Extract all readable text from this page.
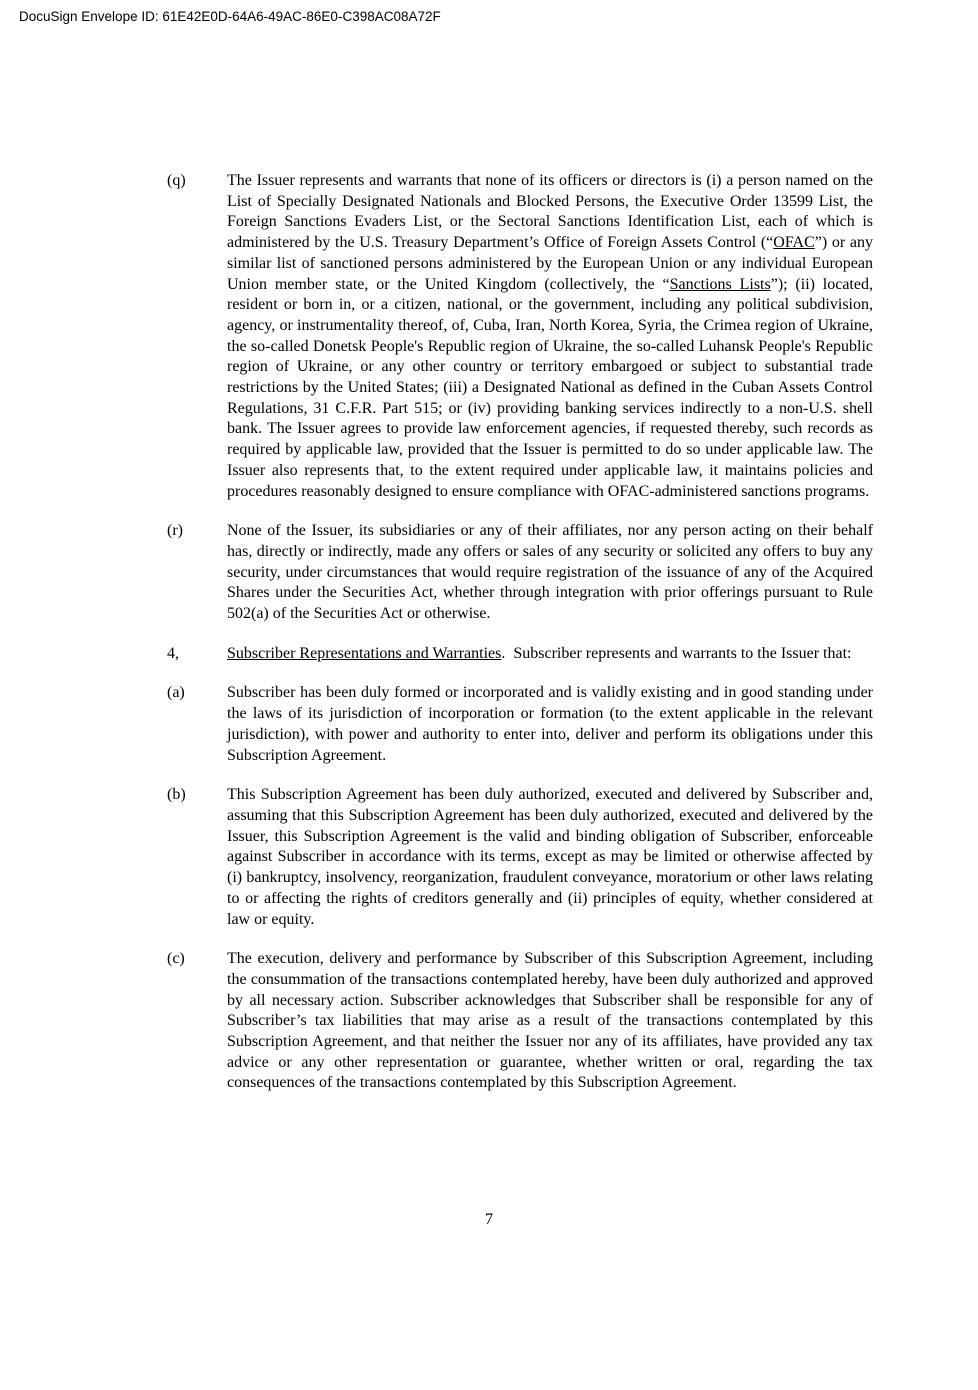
DocuSign Envelope ID: 61E42E0D-64A6-49AC-86E0-C398AC08A72F
(q)	The Issuer represents and warrants that none of its officers or directors is (i) a person named on the List of Specially Designated Nationals and Blocked Persons, the Executive Order 13599 List, the Foreign Sanctions Evaders List, or the Sectoral Sanctions Identification List, each of which is administered by the U.S. Treasury Department’s Office of Foreign Assets Control (“OFAC”) or any similar list of sanctioned persons administered by the European Union or any individual European Union member state, or the United Kingdom (collectively, the “Sanctions Lists”); (ii) located, resident or born in, or a citizen, national, or the government, including any political subdivision, agency, or instrumentality thereof, of, Cuba, Iran, North Korea, Syria, the Crimea region of Ukraine, the so-called Donetsk People's Republic region of Ukraine, the so-called Luhansk People's Republic region of Ukraine, or any other country or territory embargoed or subject to substantial trade restrictions by the United States; (iii) a Designated National as defined in the Cuban Assets Control Regulations, 31 C.F.R. Part 515; or (iv) providing banking services indirectly to a non-U.S. shell bank. The Issuer agrees to provide law enforcement agencies, if requested thereby, such records as required by applicable law, provided that the Issuer is permitted to do so under applicable law. The Issuer also represents that, to the extent required under applicable law, it maintains policies and procedures reasonably designed to ensure compliance with OFAC-administered sanctions programs.
(r)	None of the Issuer, its subsidiaries or any of their affiliates, nor any person acting on their behalf has, directly or indirectly, made any offers or sales of any security or solicited any offers to buy any security, under circumstances that would require registration of the issuance of any of the Acquired Shares under the Securities Act, whether through integration with prior offerings pursuant to Rule 502(a) of the Securities Act or otherwise.
4,	Subscriber Representations and Warranties.  Subscriber represents and warrants to the Issuer that:
(a)	Subscriber has been duly formed or incorporated and is validly existing and in good standing under the laws of its jurisdiction of incorporation or formation (to the extent applicable in the relevant jurisdiction), with power and authority to enter into, deliver and perform its obligations under this Subscription Agreement.
(b)	This Subscription Agreement has been duly authorized, executed and delivered by Subscriber and, assuming that this Subscription Agreement has been duly authorized, executed and delivered by the Issuer, this Subscription Agreement is the valid and binding obligation of Subscriber, enforceable against Subscriber in accordance with its terms, except as may be limited or otherwise affected by (i) bankruptcy, insolvency, reorganization, fraudulent conveyance, moratorium or other laws relating to or affecting the rights of creditors generally and (ii) principles of equity, whether considered at law or equity.
(c)	The execution, delivery and performance by Subscriber of this Subscription Agreement, including the consummation of the transactions contemplated hereby, have been duly authorized and approved by all necessary action. Subscriber acknowledges that Subscriber shall be responsible for any of Subscriber’s tax liabilities that may arise as a result of the transactions contemplated by this Subscription Agreement, and that neither the Issuer nor any of its affiliates, have provided any tax advice or any other representation or guarantee, whether written or oral, regarding the tax consequences of the transactions contemplated by this Subscription Agreement.
7
